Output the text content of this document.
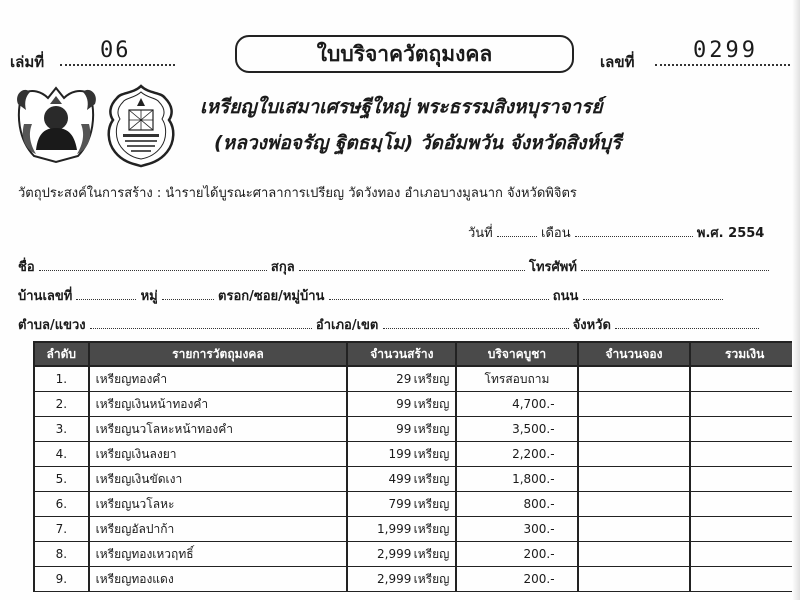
เล่มที่	06	ใบบริจาควัตถุมงคล	เลขที่	0299
เหรียญใบเสมาเศรษฐีใหญ่ พระธรรมสิงหบุราจารย์
(หลวงพ่อจรัญ ฐิตธมฺโม) วัดอัมพวัน จังหวัดสิงห์บุรี
วัตถุประสงค์ในการสร้าง : นำรายได้บูรณะศาลาการเปรียญ วัดวังทอง อำเภอบางมูลนาก จังหวัดพิจิตร
วันที่	เดือน	พ.ศ. 2554
ชื่อ	สกุล	โทรศัพท์
บ้านเลขที่	หมู่	ตรอก/ซอย/หมู่บ้าน	ถนน
ตำบล/แขวง	อำเภอ/เขต	จังหวัด
ลำดับ	รายการวัตถุมงคล	จำนวนสร้าง	บริจาคบูชา	จำนวนจอง	รวมเงิน
1.	เหรียญทองคำ	29 เหรียญ	โทรสอบถาม		
2.	เหรียญเงินหน้าทองคำ	99 เหรียญ	4,700.-		
3.	เหรียญนวโลหะหน้าทองคำ	99 เหรียญ	3,500.-		
4.	เหรียญเงินลงยา	199 เหรียญ	2,200.-		
5.	เหรียญเงินขัดเงา	499 เหรียญ	1,800.-		
6.	เหรียญนวโลหะ	799 เหรียญ	800.-		
7.	เหรียญอัลปาก้า	1,999 เหรียญ	300.-		
8.	เหรียญทองเหวฤทธิ์	2,999 เหรียญ	200.-		
9.	เหรียญทองแดง	2,999 เหรียญ	200.-		
